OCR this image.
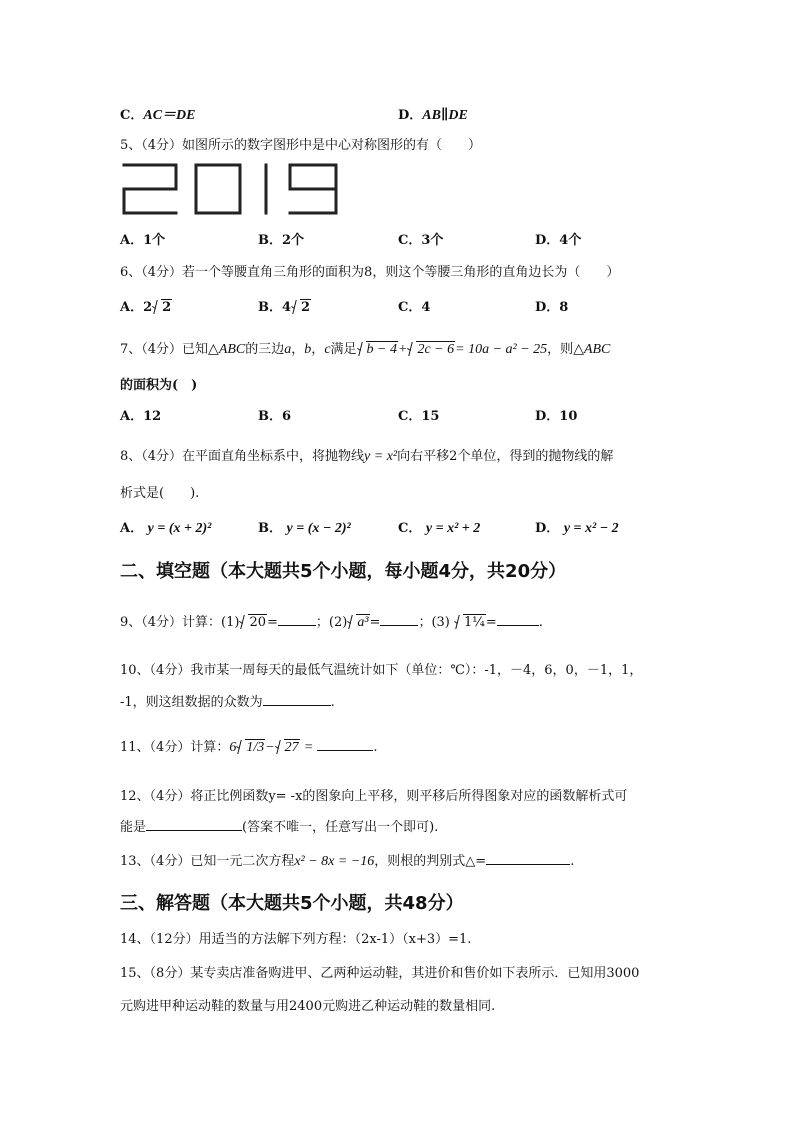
C．AC＝DE	D．AB∥DE
5、（4分）如图所示的数字图形中是中心对称图形的有（　　）
2019
A．1个	B．2个	C．3个	D．4个
6、（4分）若一个等腰直角三角形的面积为8，则这个等腰三角形的直角边长为（　　）
A．2 2	B．4 2	C．4	D．8
7、（4分）已知△ABC的三边a，b，c满足 b − 4+ 2c − 6= 10a − a² − 25，则△ABC
的面积为(　)
A．12	B．6	C．15	D．10
8、（4分）在平面直角坐标系中，将抛物线y = x²向右平移2个单位，得到的抛物线的解
析式是(　　).
A． y = (x + 2)²	B． y = (x − 2)²	C． y = x² + 2	D． y = x² − 2
二、填空题（本大题共5个小题，每小题4分，共20分）
9、（4分）计算：(1) 20=	；(2) a³=	；(3) 1¼=	.
10、（4分）我市某一周每天的最低气温统计如下（单位：℃）：-1，－4，6，0，－1，1，
-1，则这组数据的众数为	.
11、（4分）计算：6 1/3− 27 =	.
12、（4分）将正比例函数y= -x的图象向上平移，则平移后所得图象对应的函数解析式可
能是	(答案不唯一，任意写出一个即可).
13、（4分）已知一元二次方程x² − 8x = −16，则根的判别式△=	.
三、解答题（本大题共5个小题，共48分）
14、（12分）用适当的方法解下列方程：（2x-1）（x+3）=1.
15、（8分）某专卖店准备购进甲、乙两种运动鞋，其进价和售价如下表所示．已知用3000
元购进甲种运动鞋的数量与用2400元购进乙种运动鞋的数量相同.
